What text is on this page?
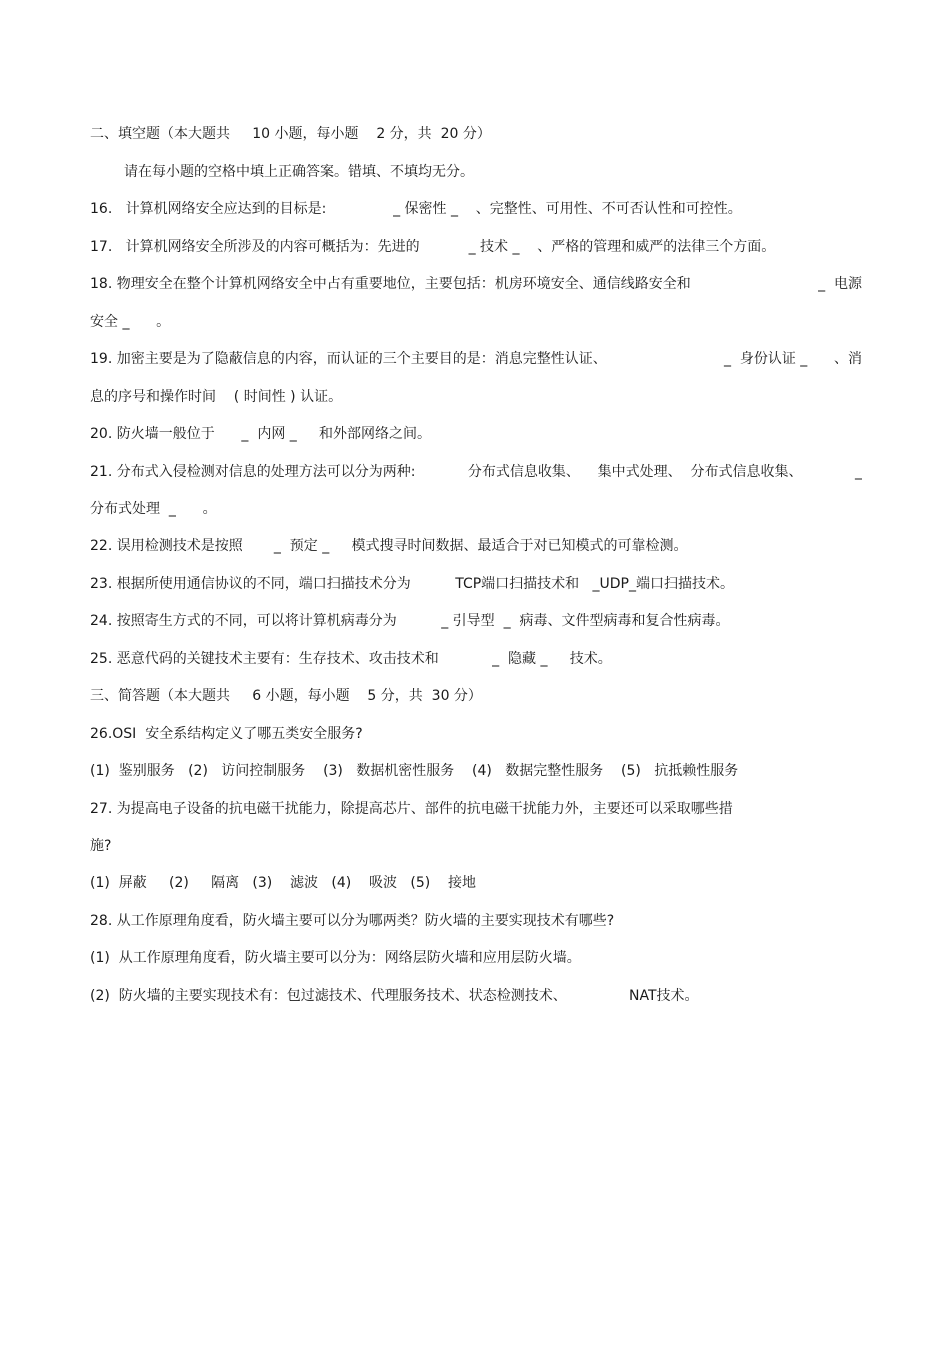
二、填空题（本大题共     10 小题，每小题    2 分，共  20 分）
请在每小题的空格中填上正确答案。错填、不填均无分。
16.   计算机网络安全应达到的目标是:               _ 保密性 _    、完整性、可用性、不可否认性和可控性。
17.   计算机网络安全所涉及的内容可概括为：先进的           _ 技术 _    、严格的管理和威严的法律三个方面。
18. 物理安全在整个计算机网络安全中占有重要地位，主要包括：机房环境安全、通信线路安全和	_  电源
安全 _      。
19. 加密主要是为了隐蔽信息的内容，而认证的三个主要目的是：消息完整性认证、	_  身份认证 _      、消
息的序号和操作时间    ( 时间性 ) 认证。
20. 防火墙一般位于      _  内网 _     和外部网络之间。
21. 分布式入侵检测对信息的处理方法可以分为两种:	分布式信息收集、    集中式处理、  分布式信息收集、	_
分布式处理  _      。
22. 误用检测技术是按照       _  预定 _     模式搜寻时间数据、最适合于对已知模式的可靠检测。
23. 根据所使用通信协议的不同，端口扫描技术分为          TCP端口扫描技术和   _UDP_端口扫描技术。
24. 按照寄生方式的不同，可以将计算机病毒分为          _ 引导型  _  病毒、文件型病毒和复合性病毒。
25. 恶意代码的关键技术主要有：生存技术、攻击技术和            _  隐藏 _     技术。
三、简答题（本大题共     6 小题，每小题    5 分，共  30 分）
26.OSI  安全系结构定义了哪五类安全服务?
(1)  鉴别服务   (2)   访问控制服务    (3)   数据机密性服务    (4)   数据完整性服务    (5)   抗抵赖性服务
27. 为提高电子设备的抗电磁干扰能力，除提高芯片、部件的抗电磁干扰能力外，主要还可以采取哪些措
施?
(1)  屏蔽     (2)     隔离   (3)    滤波   (4)    吸波   (5)    接地
28. 从工作原理角度看，防火墙主要可以分为哪两类？防火墙的主要实现技术有哪些?
(1)  从工作原理角度看，防火墙主要可以分为：网络层防火墙和应用层防火墙。
(2)  防火墙的主要实现技术有：包过滤技术、代理服务技术、状态检测技术、              NAT技术。
